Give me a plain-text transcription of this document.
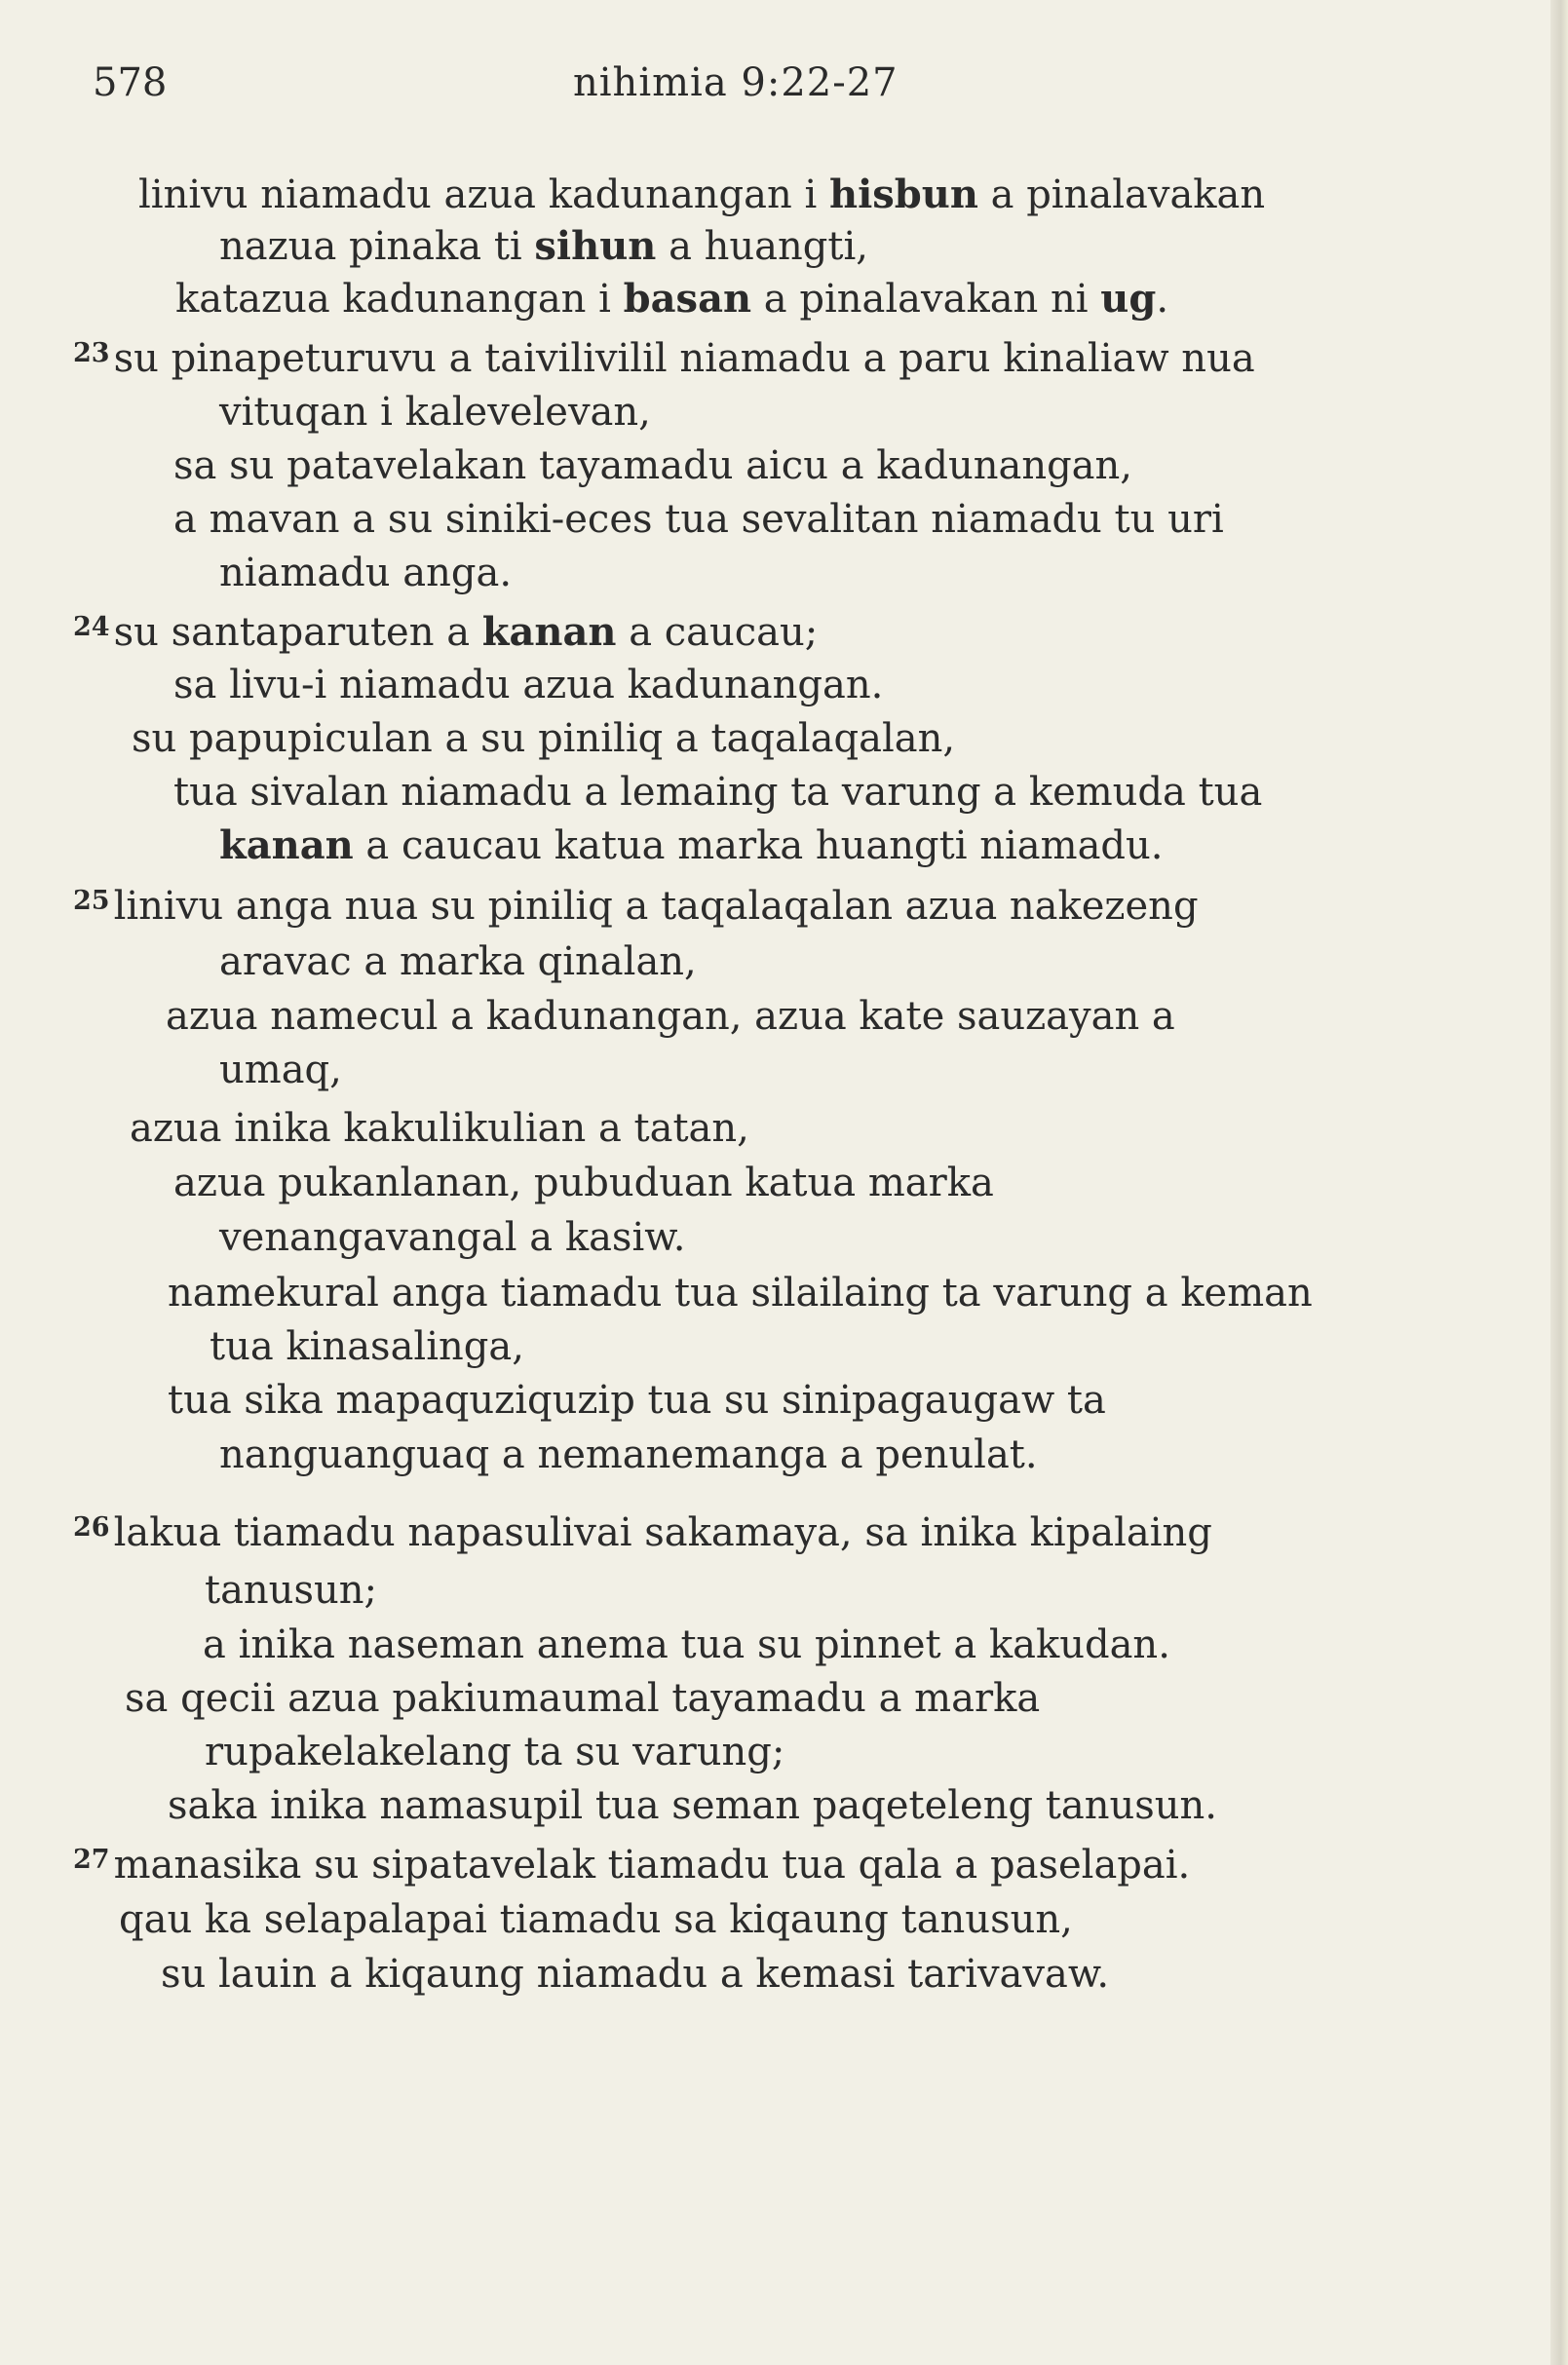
578	nihimia 9:22-27
linivu niamadu azua kadunangan i hisbun a pinalavakan
nazua pinaka ti sihun a huangti,
katazua kadunangan i basan a pinalavakan ni ug.
$^{23}$ su pinapeturuvu a taivilivilil niamadu a paru kinaliaw nua
vituqan i kalevelevan,
sa su patavelakan tayamadu aicu a kadunangan,
a mavan a su siniki-eces tua sevalitan niamadu tu uri
niamadu anga.
$^{24}$ su santaparuten a kanan a caucau;
sa livu-i niamadu azua kadunangan.
su papupiculan a su piniliq a taqalaqalan,
tua sivalan niamadu a lemaing ta varung a kemuda tua
kanan a caucau katua marka huangti niamadu.
$^{25}$ linivu anga nua su piniliq a taqalaqalan azua nakezeng
aravac a marka qinalan,
azua namecul a kadunangan, azua kate sauzayan a
umaq,
azua inika kakulikulian a tatan,
azua pukanlanan, pubuduan katua marka
venangavangal a kasiw.
namekural anga tiamadu tua silailaing ta varung a keman
tua kinasalinga,
tua sika mapaquziquzip tua su sinipagaugaw ta
nanguanguaq a nemanemanga a penulat.
$^{26}$ lakua tiamadu napasulivai sakamaya, sa inika kipalaing
tanusun;
a inika naseman anema tua su pinnet a kakudan.
sa qecii azua pakiumaumal tayamadu a marka
rupakelakelang ta su varung;
saka inika namasupil tua seman paqeteleng tanusun.
$^{27}$ manasika su sipatavelak tiamadu tua qala a paselapai.
qau ka selapalapai tiamadu sa kiqaung tanusun,
su lauin a kiqaung niamadu a kemasi tarivavaw.
